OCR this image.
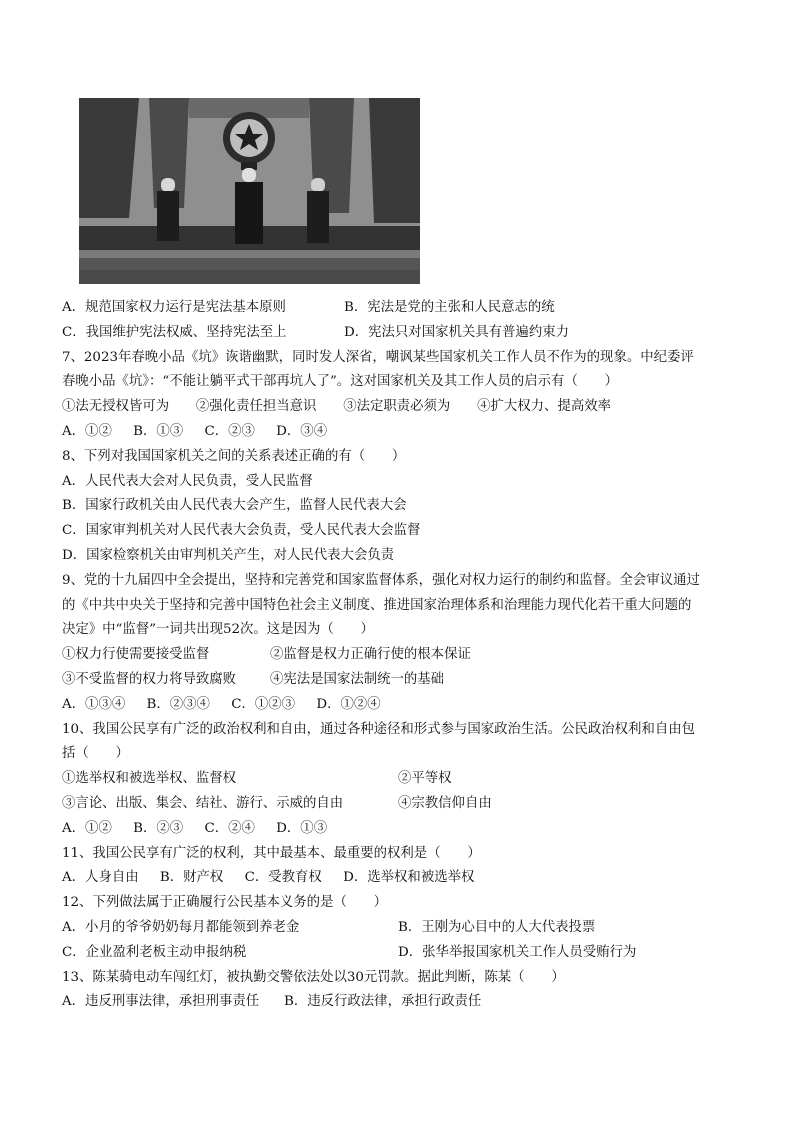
A．规范国家权力运行是宪法基本原则	B．宪法是党的主张和人民意志的统
C．我国维护宪法权威、坚持宪法至上	D．宪法只对国家机关具有普遍约束力
7、2023年春晚小品《坑》诙谐幽默，同时发人深省，嘲讽某些国家机关工作人员不作为的现象。中纪委评
春晚小品《坑》：“不能让躺平式干部再坑人了”。这对国家机关及其工作人员的启示有（　　）
①法无授权皆可为　　②强化责任担当意识　　③法定职责必须为　　④扩大权力、提高效率
A．①② B．①③ C．②③ D．③④
8、下列对我国国家机关之间的关系表述正确的有（　　）
A．人民代表大会对人民负责，受人民监督
B．国家行政机关由人民代表大会产生，监督人民代表大会
C．国家审判机关对人民代表大会负责，受人民代表大会监督
D．国家检察机关由审判机关产生，对人民代表大会负责
9、党的十九届四中全会提出，坚持和完善党和国家监督体系，强化对权力运行的制约和监督。全会审议通过
的《中共中央关于坚持和完善中国特色社会主义制度、推进国家治理体系和治理能力现代化若干重大问题的
决定》中“监督”一词共出现52次。这是因为（　　）
①权力行使需要接受监督	②监督是权力正确行使的根本保证
③不受监督的权力将导致腐败	④宪法是国家法制统一的基础
A．①③④ B．②③④ C．①②③ D．①②④
10、我国公民享有广泛的政治权利和自由，通过各种途径和形式参与国家政治生活。公民政治权利和自由包
括（　　）
①选举权和被选举权、监督权	②平等权
③言论、出版、集会、结社、游行、示威的自由	④宗教信仰自由
A．①② B．②③ C．②④ D．①③
11、我国公民享有广泛的权利，其中最基本、最重要的权利是（　　）
A．人身自由 B．财产权 C．受教育权 D．选举权和被选举权
12、下列做法属于正确履行公民基本义务的是（　　）
A．小月的爷爷奶奶每月都能领到养老金	B．王刚为心目中的人大代表投票
C．企业盈利老板主动申报纳税	D．张华举报国家机关工作人员受贿行为
13、陈某骑电动车闯红灯，被执勤交警依法处以30元罚款。据此判断，陈某（　　）
A．违反刑事法律，承担刑事责任	B．违反行政法律，承担行政责任
